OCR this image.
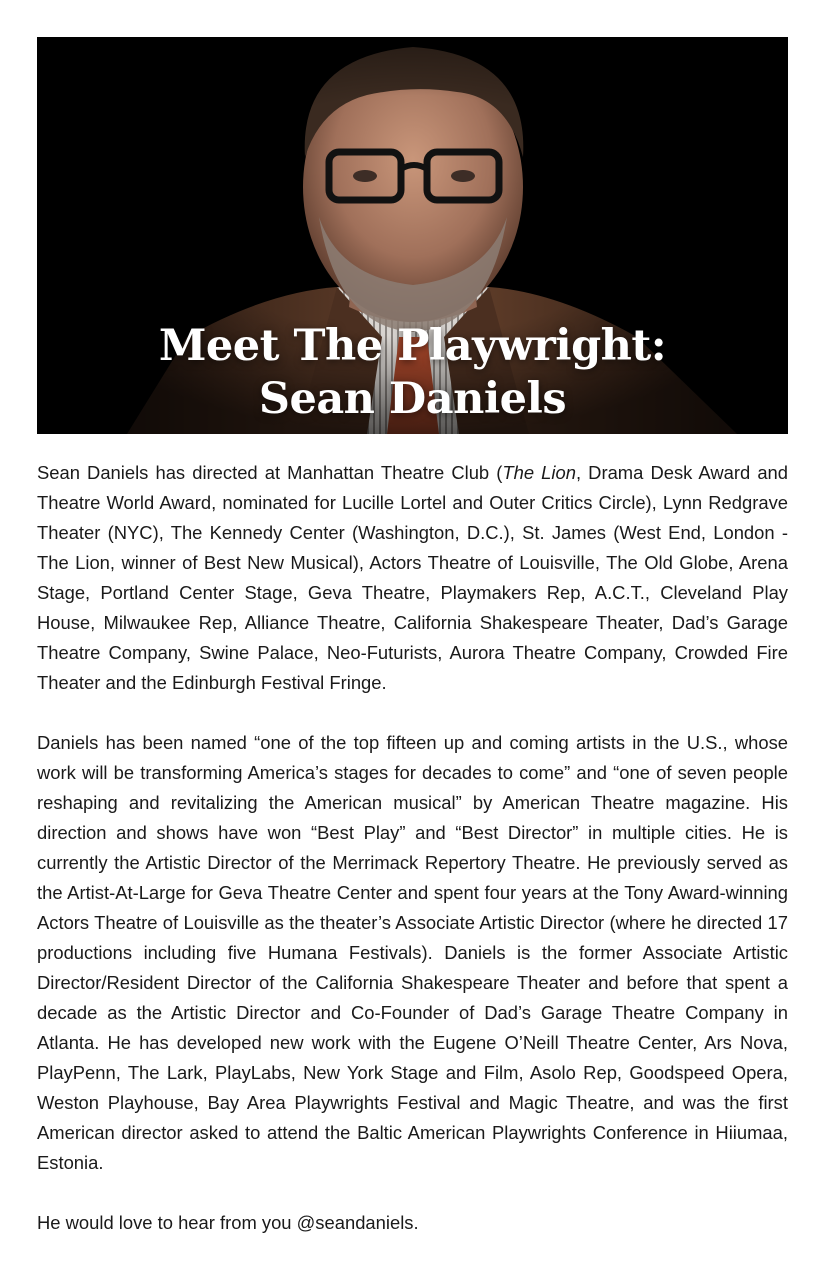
Meet The Playwright:
Sean Daniels

Sean Daniels has directed at Manhattan Theatre Club (The Lion, Drama Desk Award and Theatre World Award, nominated for Lucille Lortel and Outer Critics Circle), Lynn Redgrave Theater (NYC), The Kennedy Center (Washington, D.C.), St. James (West End, London - The Lion, winner of Best New Musical), Actors Theatre of Louisville, The Old Globe, Arena Stage, Portland Center Stage, Geva Theatre, Playmakers Rep, A.C.T., Cleveland Play House, Milwaukee Rep, Alliance Theatre, California Shakespeare Theater, Dad’s Garage Theatre Company, Swine Palace, Neo-Futurists, Aurora Theatre Company, Crowded Fire Theater and the Edinburgh Festival Fringe.

Daniels has been named “one of the top fifteen up and coming artists in the U.S., whose work will be transforming America’s stages for decades to come” and “one of seven people reshaping and revitalizing the American musical” by American Theatre magazine. His direction and shows have won “Best Play” and “Best Director” in multiple cities. He is currently the Artistic Director of the Merrimack Repertory Theatre. He previously served as the Artist-At-Large for Geva Theatre Center and spent four years at the Tony Award-winning Actors Theatre of Louisville as the theater’s Associate Artistic Director (where he directed 17 productions including five Humana Festivals). Daniels is the former Associate Artistic Director/Resident Director of the California Shakespeare Theater and before that spent a decade as the Artistic Director and Co-Founder of Dad’s Garage Theatre Company in Atlanta. He has developed new work with the Eugene O’Neill Theatre Center, Ars Nova, PlayPenn, The Lark, PlayLabs, New York Stage and Film, Asolo Rep, Goodspeed Opera, Weston Playhouse, Bay Area Playwrights Festival and Magic Theatre, and was the first American director asked to attend the Baltic American Playwrights Conference in Hiiumaa, Estonia.

He would love to hear from you @seandaniels.
